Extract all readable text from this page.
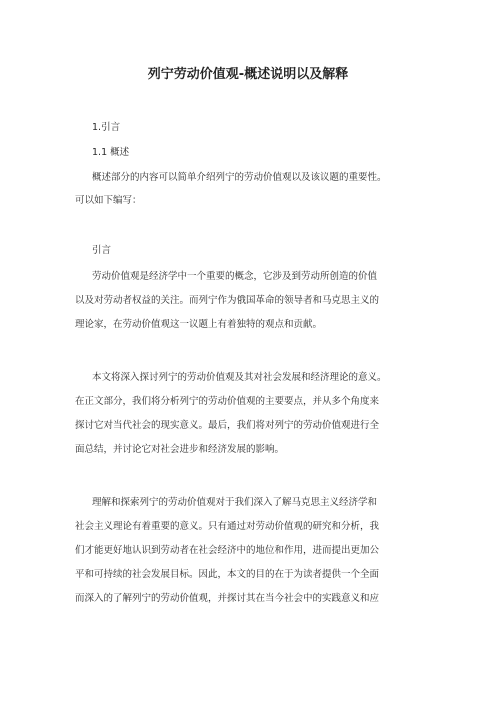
列宁劳动价值观-概述说明以及解释
1.引言
1.1 概述
概述部分的内容可以简单介绍列宁的劳动价值观以及该议题的重要性。
可以如下编写：
引言
劳动价值观是经济学中一个重要的概念，它涉及到劳动所创造的价值
以及对劳动者权益的关注。而列宁作为俄国革命的领导者和马克思主义的
理论家，在劳动价值观这一议题上有着独特的观点和贡献。
本文将深入探讨列宁的劳动价值观及其对社会发展和经济理论的意义。
在正文部分，我们将分析列宁的劳动价值观的主要要点，并从多个角度来
探讨它对当代社会的现实意义。最后，我们将对列宁的劳动价值观进行全
面总结，并讨论它对社会进步和经济发展的影响。
理解和探索列宁的劳动价值观对于我们深入了解马克思主义经济学和
社会主义理论有着重要的意义。只有通过对劳动价值观的研究和分析，我
们才能更好地认识到劳动者在社会经济中的地位和作用，进而提出更加公
平和可持续的社会发展目标。因此，本文的目的在于为读者提供一个全面
而深入的了解列宁的劳动价值观，并探讨其在当今社会中的实践意义和应
